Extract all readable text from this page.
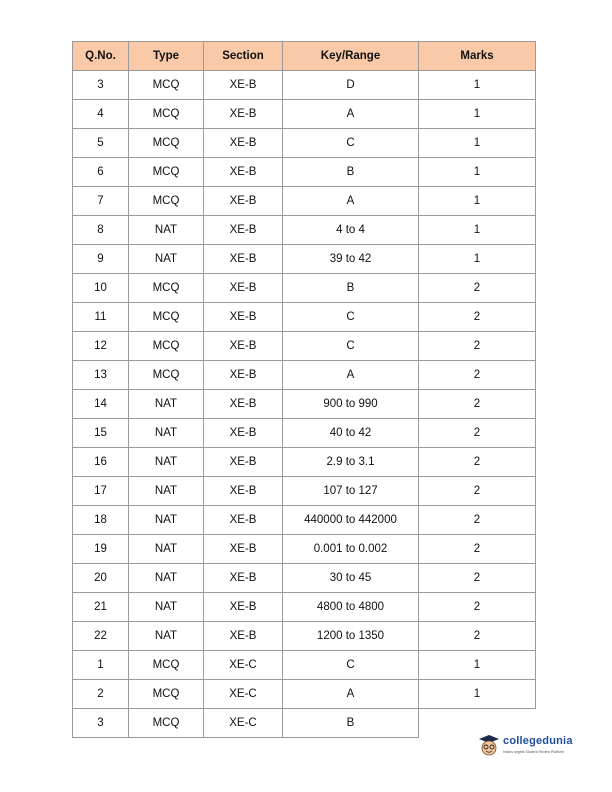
Q.No.	Type	Section	Key/Range	Marks
3	MCQ	XE-B	D	1
4	MCQ	XE-B	A	1
5	MCQ	XE-B	C	1
6	MCQ	XE-B	B	1
7	MCQ	XE-B	A	1
8	NAT	XE-B	4 to 4	1
9	NAT	XE-B	39 to 42	1
10	MCQ	XE-B	B	2
11	MCQ	XE-B	C	2
12	MCQ	XE-B	C	2
13	MCQ	XE-B	A	2
14	NAT	XE-B	900 to 990	2
15	NAT	XE-B	40 to 42	2
16	NAT	XE-B	2.9 to 3.1	2
17	NAT	XE-B	107 to 127	2
18	NAT	XE-B	440000 to 442000	2
19	NAT	XE-B	0.001 to 0.002	2
20	NAT	XE-B	30 to 45	2
21	NAT	XE-B	4800 to 4800	2
22	NAT	XE-B	1200 to 1350	2
1	MCQ	XE-C	C	1
2	MCQ	XE-C	A	1
3	MCQ	XE-C	B	
collegedunia
India's largest Student Review Platform
